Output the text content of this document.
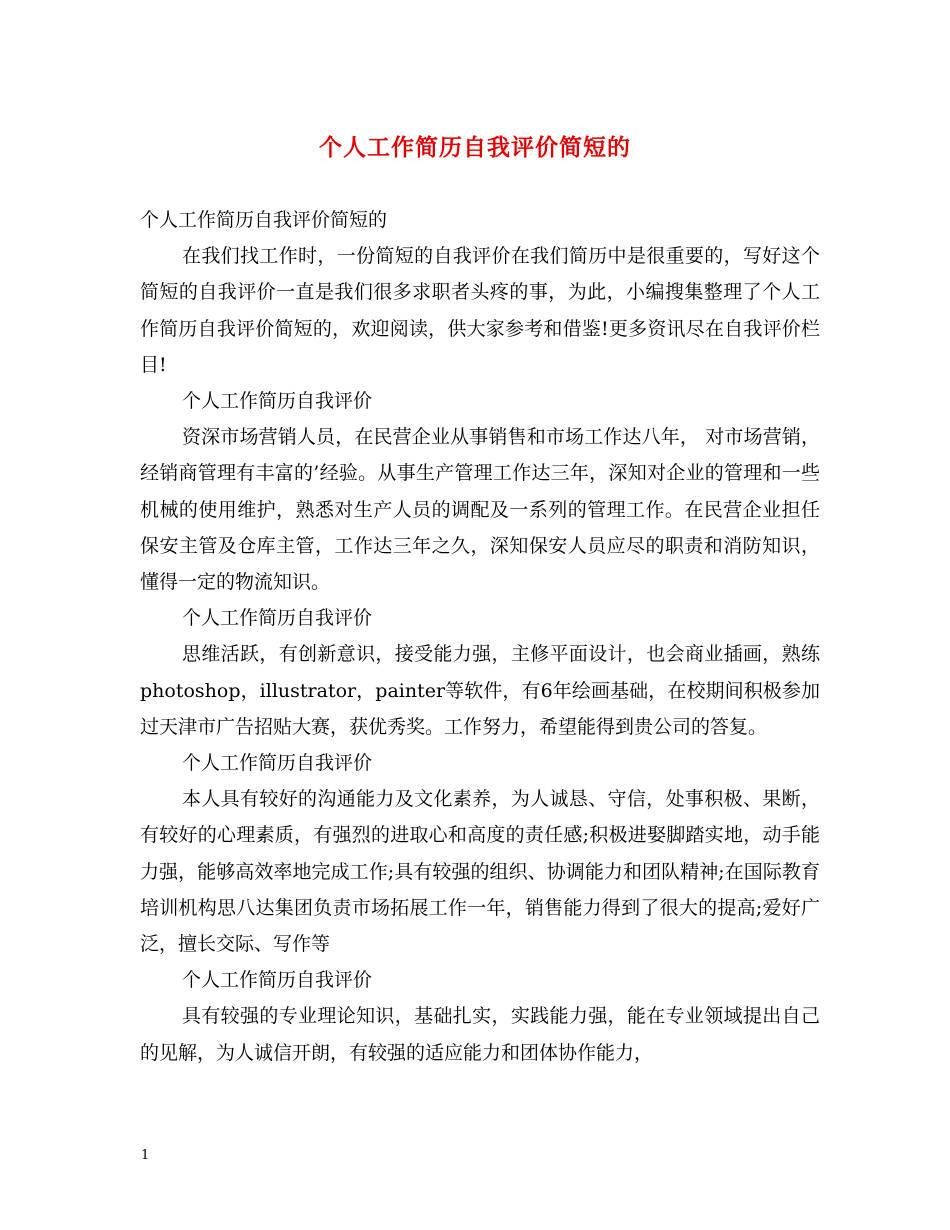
个人工作简历自我评价简短的

个人工作简历自我评价简短的

在我们找工作时，一份简短的自我评价在我们简历中是很重要的，写好这个简短的自我评价一直是我们很多求职者头疼的事，为此，小编搜集整理了个人工作简历自我评价简短的，欢迎阅读，供大家参考和借鉴!更多资讯尽在自我评价栏目!

个人工作简历自我评价

资深市场营销人员，在民营企业从事销售和市场工作达八年， 对市场营销， 经销商管理有丰富的’经验。从事生产管理工作达三年，深知对企业的管理和一些机械的使用维护，熟悉对生产人员的调配及一系列的管理工作。在民营企业担任保安主管及仓库主管，工作达三年之久，深知保安人员应尽的职责和消防知识，懂得一定的物流知识。

个人工作简历自我评价

思维活跃，有创新意识，接受能力强，主修平面设计，也会商业插画，熟练photoshop，illustrator，painter等软件，有6年绘画基础，在校期间积极参加过天津市广告招贴大赛，获优秀奖。工作努力，希望能得到贵公司的答复。

个人工作简历自我评价

本人具有较好的沟通能力及文化素养，为人诚恳、守信，处事积极、果断，有较好的心理素质，有强烈的进取心和高度的责任感;积极进娶脚踏实地，动手能力强，能够高效率地完成工作;具有较强的组织、协调能力和团队精神;在国际教育培训机构思八达集团负责市场拓展工作一年，销售能力得到了很大的提高;爱好广泛，擅长交际、写作等

个人工作简历自我评价

具有较强的专业理论知识，基础扎实，实践能力强，能在专业领域提出自己的见解，为人诚信开朗，有较强的适应能力和团体协作能力，

1
